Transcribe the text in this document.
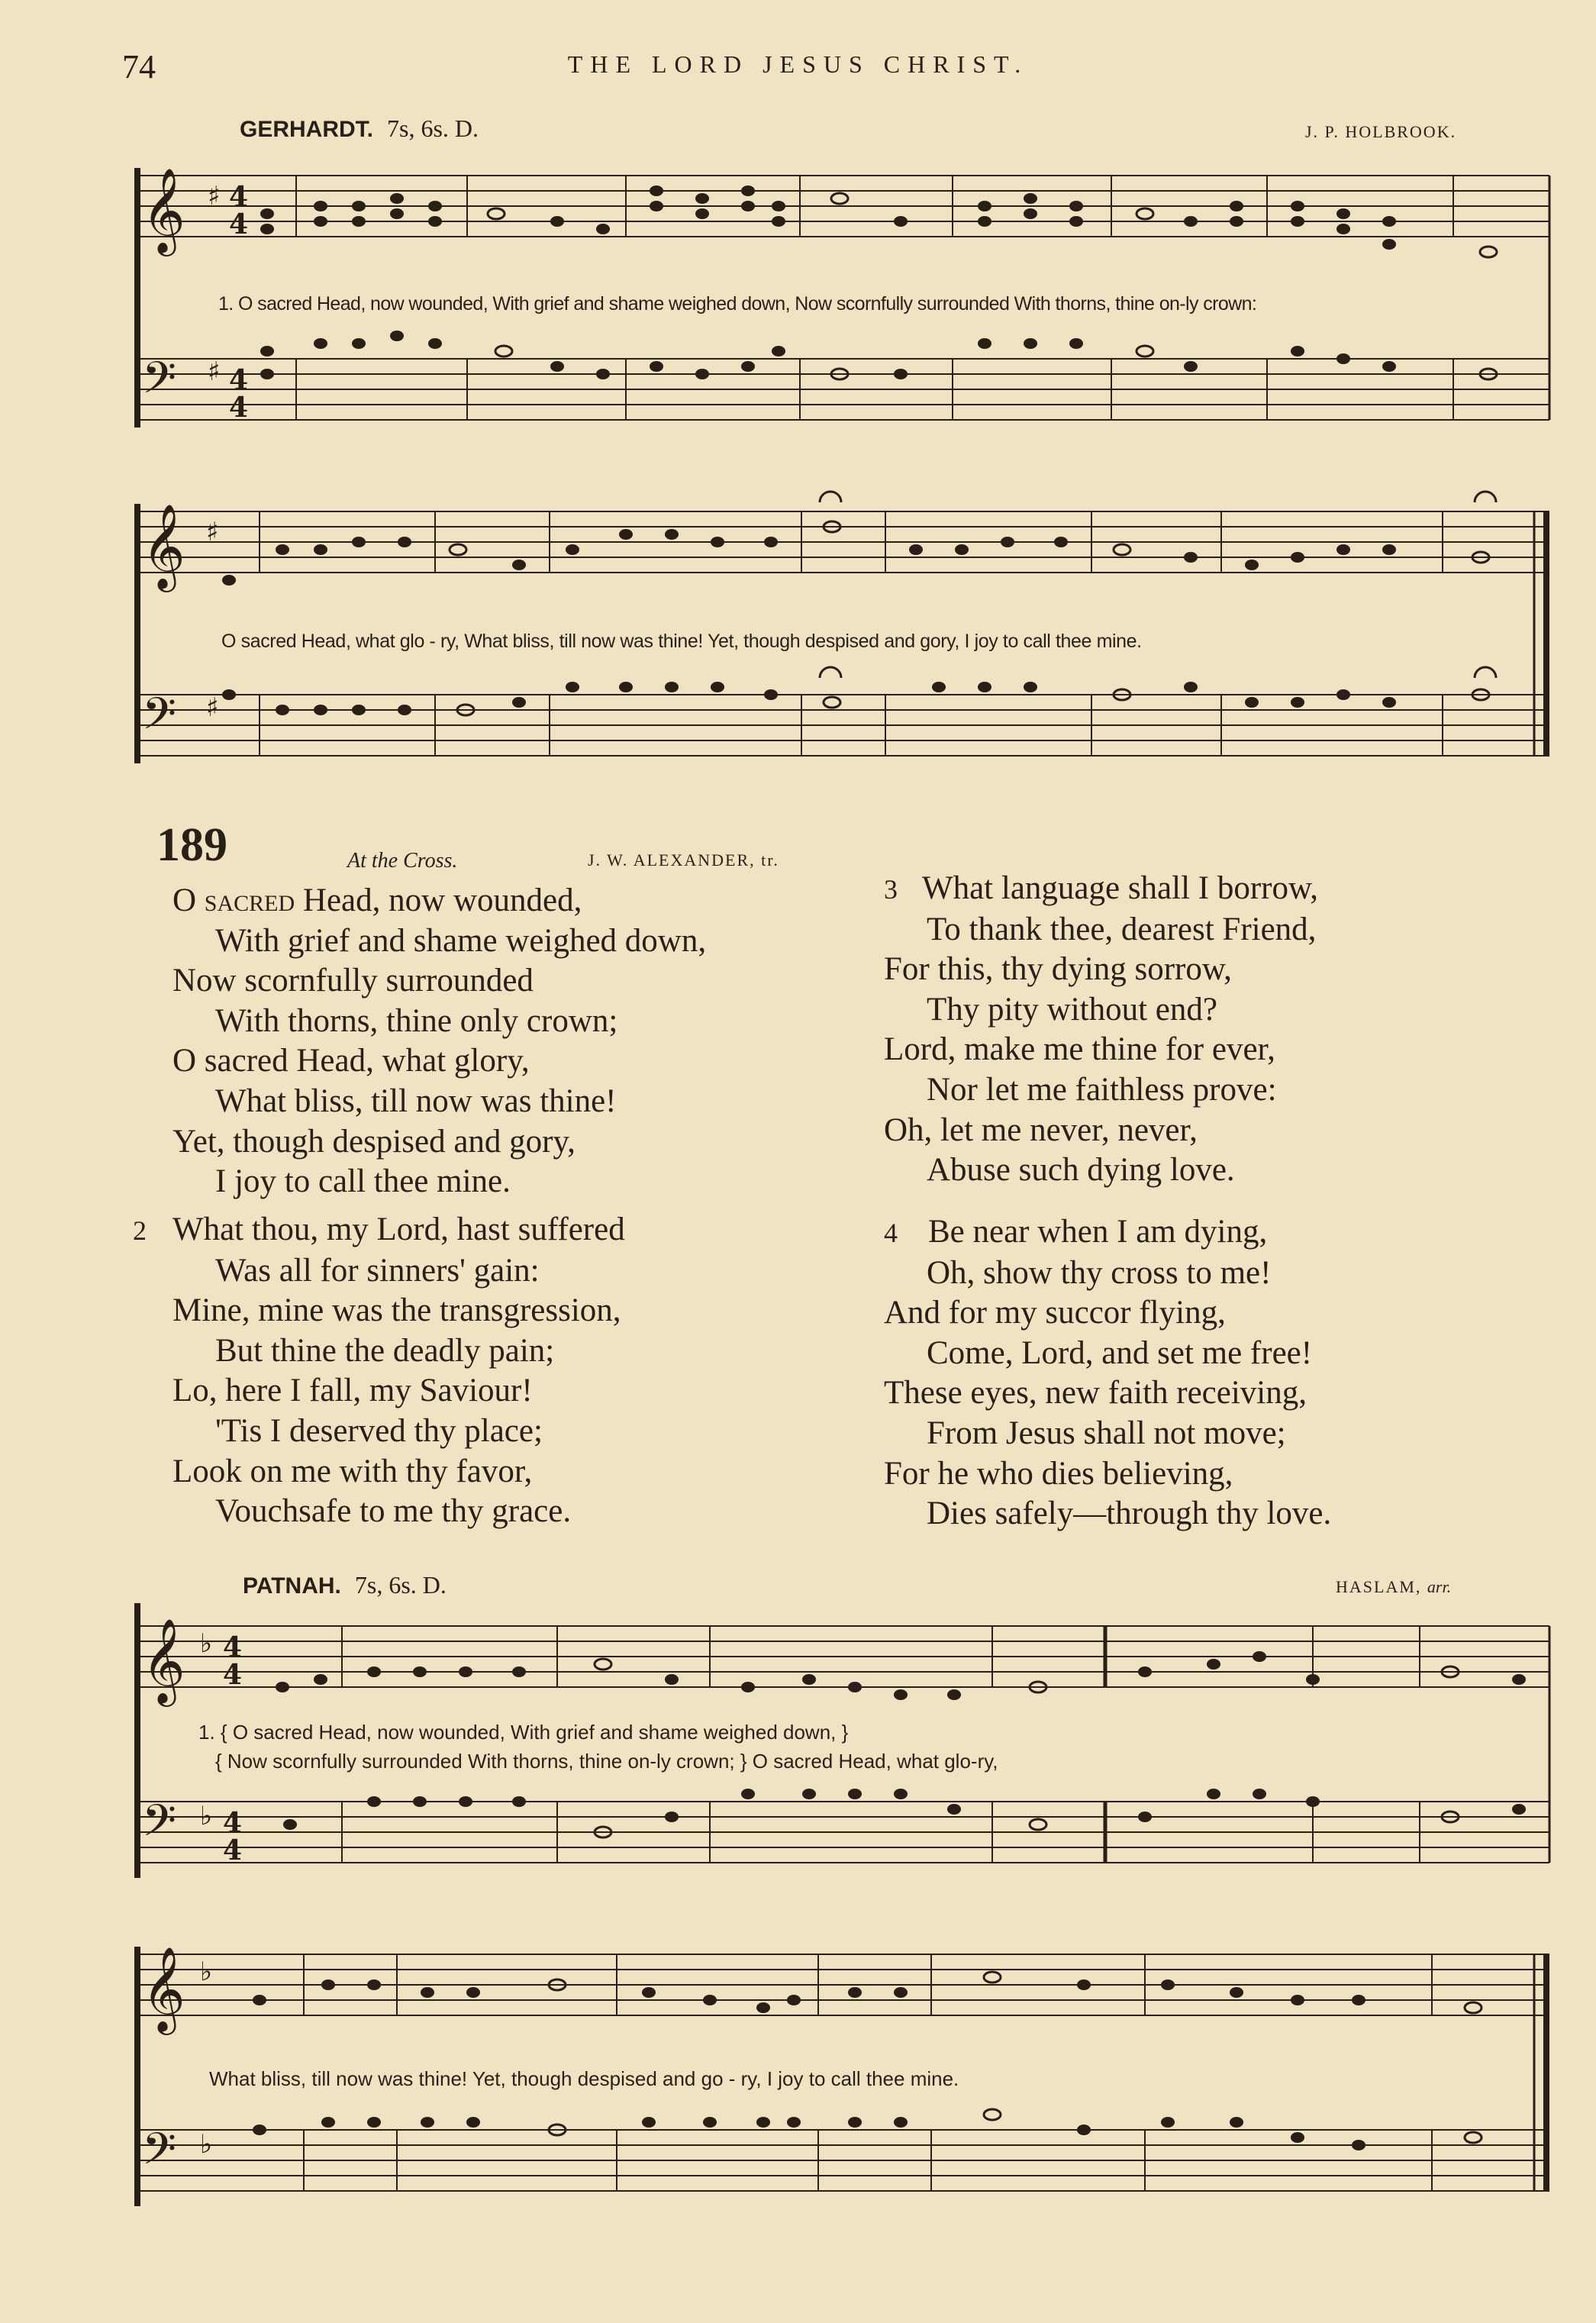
74	THE LORD JESUS CHRIST.
GERHARDT. 7s, 6s. D.	J. P. HOLBROOK.
𝄞
𝄢
♯
♯
4
4
4
4
1. O sacred Head, now wounded, With grief and shame weighed down, Now scornfully surrounded With thorns, thine on-ly crown:
𝄞
𝄢
♯
♯
O sacred Head, what glo - ry, What bliss, till now was thine! Yet, though despised and gory, I joy to call thee mine.
189	At the Cross.	J. W. ALEXANDER, tr.
O sacred Head, now wounded,
With grief and shame weighed down,
Now scornfully surrounded
With thorns, thine only crown;
O sacred Head, what glory,
What bliss, till now was thine!
Yet, though despised and gory,
I joy to call thee mine.
2 What thou, my Lord, hast suffered
Was all for sinners' gain:
Mine, mine was the transgression,
But thine the deadly pain;
Lo, here I fall, my Saviour!
'Tis I deserved thy place;
Look on me with thy favor,
Vouchsafe to me thy grace.
3 What language shall I borrow,
To thank thee, dearest Friend,
For this, thy dying sorrow,
Thy pity without end?
Lord, make me thine for ever,
Nor let me faithless prove:
Oh, let me never, never,
Abuse such dying love.
4 Be near when I am dying,
Oh, show thy cross to me!
And for my succor flying,
Come, Lord, and set me free!
These eyes, new faith receiving,
From Jesus shall not move;
For he who dies believing,
Dies safely—through thy love.
PATNAH. 7s, 6s. D.	HASLAM, arr.
𝄞
𝄢
♭
♭
4
4
4
4
1. { O sacred Head, now wounded, With grief and shame weighed down, }
{ Now scornfully surrounded With thorns, thine on-ly crown; } O sacred Head, what glo-ry,
𝄞
𝄢
♭
♭
What bliss, till now was thine! Yet, though despised and go - ry, I joy to call thee mine.
